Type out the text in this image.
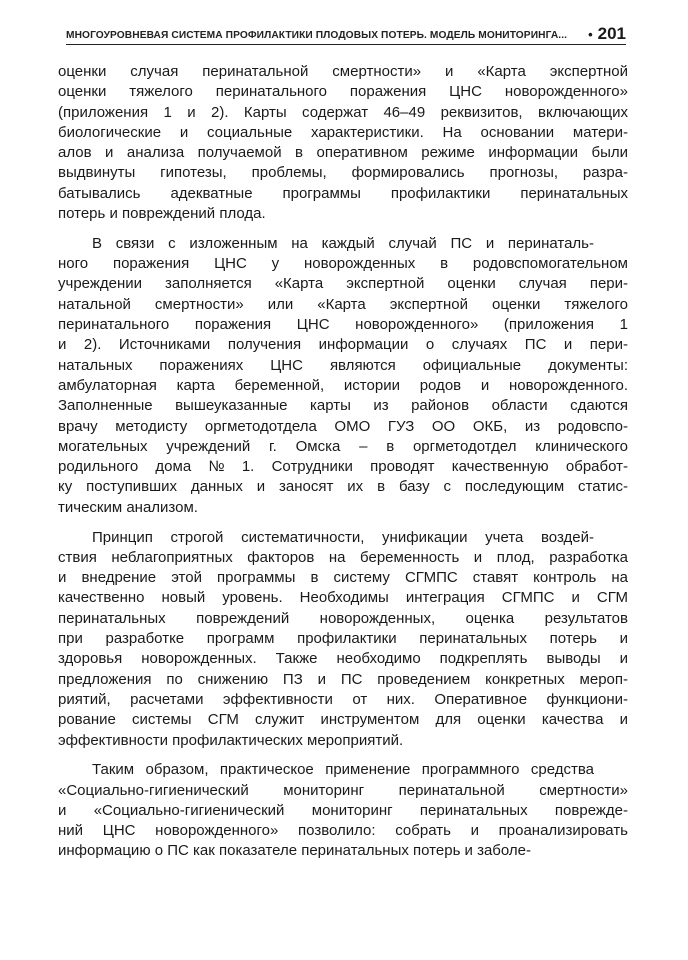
МНОГОУРОВНЕВАЯ СИСТЕМА ПРОФИЛАКТИКИ ПЛОДОВЫХ ПОТЕРЬ. МОДЕЛЬ МОНИТОРИНГА... • 201
оценки случая перинатальной смертности» и «Карта экспертной
оценки тяжелого перинатального поражения ЦНС новорожденного»
(приложения 1 и 2). Карты содержат 46–49 реквизитов, включающих
биологические и социальные характеристики. На основании матери-
алов и анализа получаемой в оперативном режиме информации были
выдвинуты гипотезы, проблемы, формировались прогнозы, разра-
батывались адекватные программы профилактики перинатальных
потерь и повреждений плода.
В связи с изложенным на каждый случай ПС и перинаталь-
ного поражения ЦНС у новорожденных в родовспомогательном
учреждении заполняется «Карта экспертной оценки случая пери-
натальной смертности» или «Карта экспертной оценки тяжелого
перинатального поражения ЦНС новорожденного» (приложения 1
и 2). Источниками получения информации о случаях ПС и пери-
натальных поражениях ЦНС являются официальные документы:
амбулаторная карта беременной, истории родов и новорожденного.
Заполненные вышеуказанные карты из районов области сдаются
врачу методисту оргметодотдела ОМО ГУЗ ОО ОКБ, из родовспо-
могательных учреждений г. Омска – в оргметодотдел клинического
родильного дома № 1. Сотрудники проводят качественную обработ-
ку поступивших данных и заносят их в базу с последующим статис-
тическим анализом.
Принцип строгой систематичности, унификации учета воздей-
ствия неблагоприятных факторов на беременность и плод, разработка
и внедрение этой программы в систему СГМПС ставят контроль на
качественно новый уровень. Необходимы интеграция СГМПС и СГМ
перинатальных повреждений новорожденных, оценка результатов
при разработке программ профилактики перинатальных потерь и
здоровья новорожденных. Также необходимо подкреплять выводы и
предложения по снижению ПЗ и ПС проведением конкретных мероп-
риятий, расчетами эффективности от них. Оперативное функциони-
рование системы СГМ служит инструментом для оценки качества и
эффективности профилактических мероприятий.
Таким образом, практическое применение программного средства
«Социально-гигиенический мониторинг перинатальной смертности»
и «Социально-гигиенический мониторинг перинатальных поврежде-
ний ЦНС новорожденного» позволило: собрать и проанализировать
информацию о ПС как показателе перинатальных потерь и заболе-
